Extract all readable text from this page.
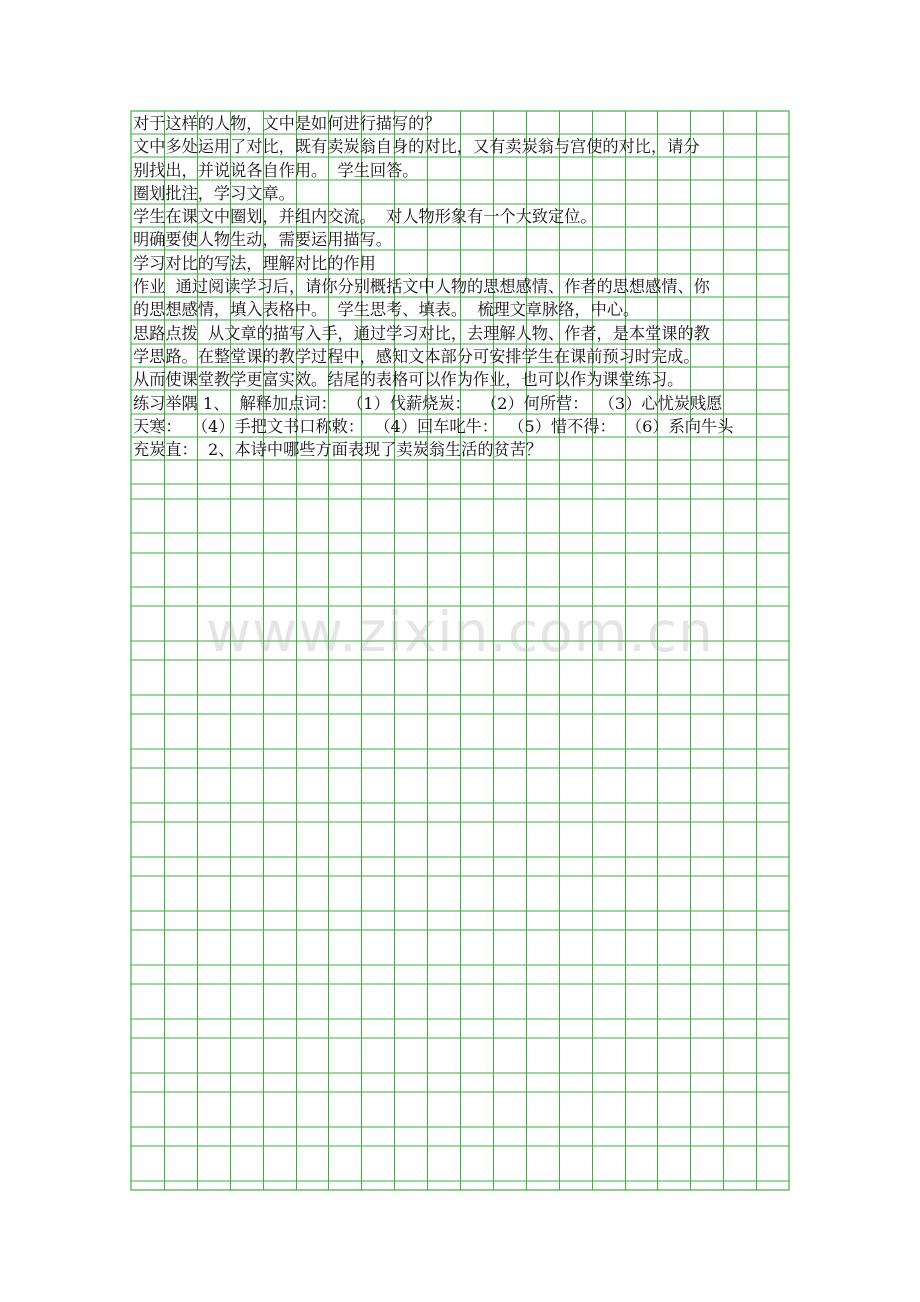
对于这样的人物，文中是如何进行描写的？

文中多处运用了对比，既有卖炭翁自身的对比，又有卖炭翁与宫使的对比，请分

别找出，并说说各自作用。  学生回答。

圈划批注，学习文章。

学生在课文中圈划，并组内交流。  对人物形象有一个大致定位。

明确要使人物生动，需要运用描写。

学习对比的写法，理解对比的作用

作业  通过阅读学习后，请你分别概括文中人物的思想感情、作者的思想感情、你

的思想感情，填入表格中。  学生思考、填表。  梳理文章脉络，中心。

思路点拨  从文章的描写入手，通过学习对比，去理解人物、作者，是本堂课的教

学思路。在整堂课的教学过程中，感知文本部分可安排学生在课前预习时完成。

从而使课堂教学更富实效。结尾的表格可以作为作业，也可以作为课堂练习。

练习举隅 1、  解释加点词：  （1）伐薪烧炭：  （2）何所营：  （3）心忧炭贱愿

天寒：  （4）手把文书口称敕：  （4）回车叱牛：  （5）惜不得：  （6）系向牛头

充炭直：  2、本诗中哪些方面表现了卖炭翁生活的贫苦？

www.zixin.com.cn
